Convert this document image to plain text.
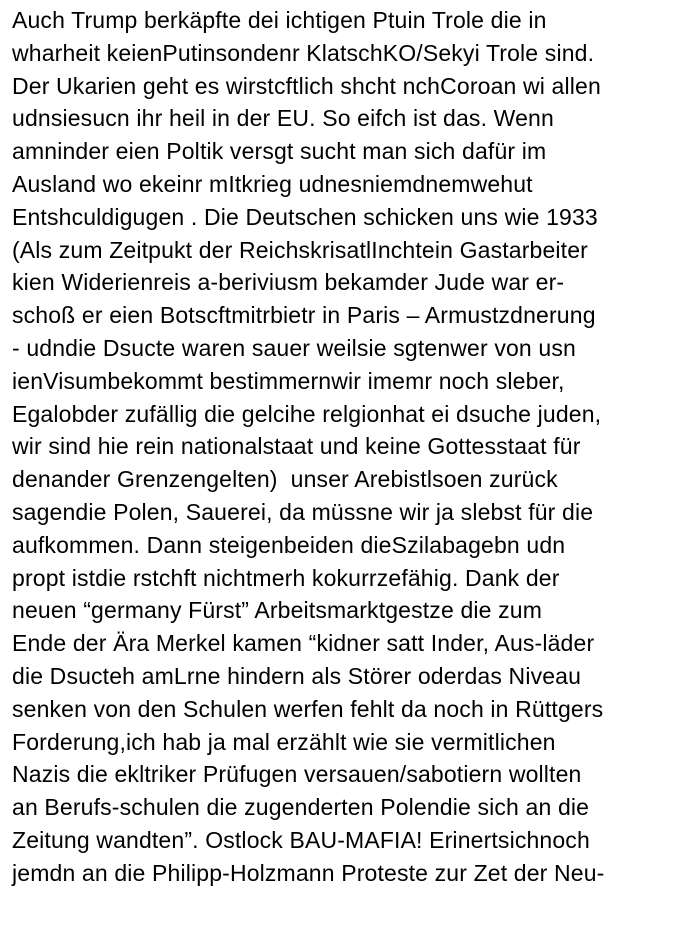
Auch Trump berkäpfte dei ichtigen Ptuin Trole die in
wharheit keienPutinsondenr KlatschKO/Sekyi Trole sind.
Der Ukarien geht es wirstcftlich shcht nchCoroan wi allen
udnsiesucn ihr heil in der EU. So eifch ist das. Wenn
amninder eien Poltik versgt sucht man sich dafür im
Ausland wo ekeinr mItkrieg udnesniemdnemwehut
Entshculdigugen . Die Deutschen schicken uns wie 1933
(Als zum Zeitpukt der ReichskrisatlInchtein Gastarbeiter
kien Widerienreis a-beriviusm bekamder Jude war er-
schoß er eien Botscftmitrbietr in Paris – Armustzdnerung
- udndie Dsucte waren sauer weilsie sgtenwer von usn
ienVisumbekommt bestimmernwir imemr noch sleber,
Egalobder zufällig die gelcihe relgionhat ei dsuche juden,
wir sind hie rein nationalstaat und keine Gottesstaat für
denander Grenzengelten)  unser Arebistlsoen zurück
sagendie Polen, Sauerei, da müssne wir ja slebst für die
aufkommen. Dann steigenbeiden dieSzilabagebn udn
propt istdie rstchft nichtmerh kokurrzefähig. Dank der
neuen “germany Fürst” Arbeitsmarktgestze die zum
Ende der Ära Merkel kamen “kidner satt Inder, Aus-läder
die Dsucteh amLrne hindern als Störer oderdas Niveau
senken von den Schulen werfen fehlt da noch in Rüttgers
Forderung,ich hab ja mal erzählt wie sie vermitlichen
Nazis die ekltriker Prüfugen versauen/sabotiern wollten
an Berufs-schulen die zugenderten Polendie sich an die
Zeitung wandten”. Ostlock BAU-MAFIA! Erinertsichnoch
jemdn an die Philipp-Holzmann Proteste zur Zet der Neu-
